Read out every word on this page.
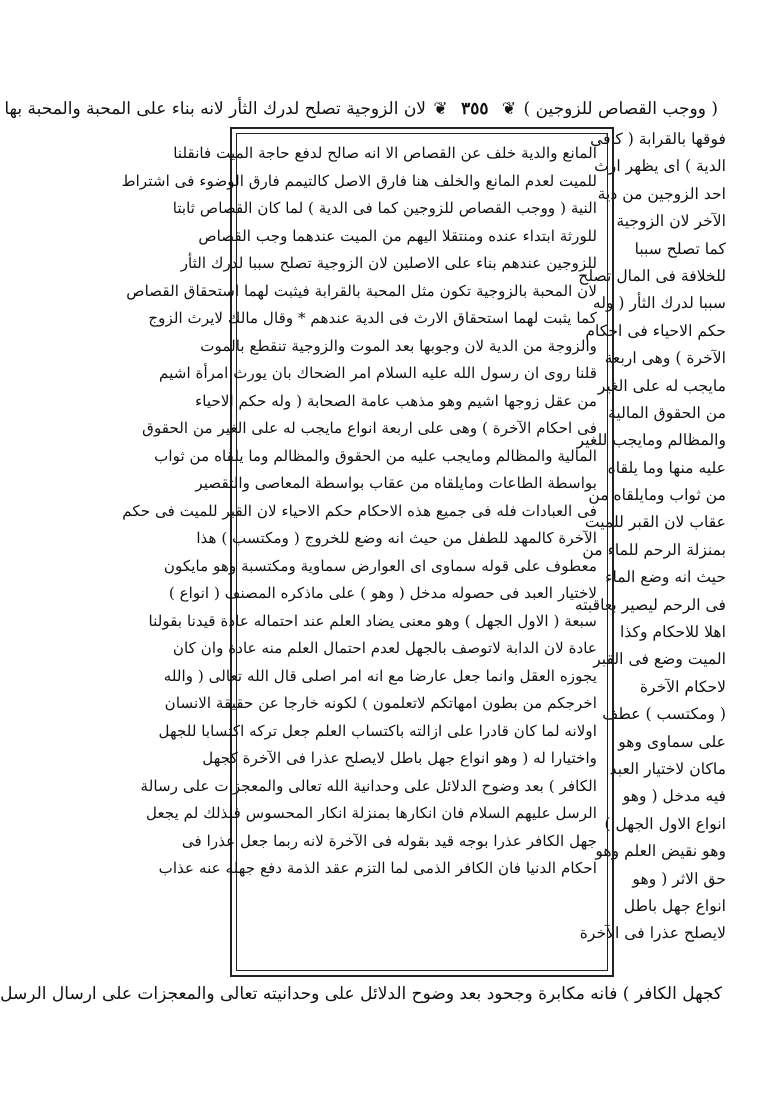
( ووجب القصاص للزوجين ) ❦ ٣٥٥ ❦ لان الزوجية تصلح لدرك الثأر لانه بناء على المحبة والمحبة بها
فوقها بالقرابة ( كافى
الدية ) اى يظهر ارث
احد الزوجين من دية
الآخر لان الزوجية
كما تصلح سببا
للخلافة فى المال تصلح
سببا لدرك الثأر ( وله
حكم الاحياء فى احكام
الآخرة ) وهى اربعة
مايجب له على الغير
من الحقوق المالية
والمظالم ومايجب للغير
عليه منها وما يلقاه
من ثواب ومايلقاه من
عقاب لان القبر للميت
بمنزلة الرحم للماء من
حيث انه وضع الماء
فى الرحم ليصير بعاقبته
اهلا للاحكام وكذا
الميت وضع فى القبر
لاحكام الآخرة
( ومكتسب ) عطف
على سماوى وهو
ماكان لاختيار العبد
فيه مدخل ( وهو
انواع الاول الجهل )
وهو نقيض العلم وهو
حق الاثر ( وهو
انواع جهل باطل
لايصلح عذرا فى الآخرة
المانع والدية خلف عن القصاص الا انه صالح لدفع حاجة الميت فانقلنا
للميت لعدم المانع والخلف هنا فارق الاصل كالتيمم فارق الوضوء فى اشتراط
النية ( ووجب القصاص للزوجين كما فى الدية ) لما كان القصاص ثابتا
للورثة ابتداء عنده ومنتقلا اليهم من الميت عندهما وجب القصاص
للزوجين عندهم بناء على الاصلين لان الزوجية تصلح سببا لدرك الثأر
لان المحبة بالزوجية تكون مثل المحبة بالقرابة فيثبت لهما استحقاق القصاص
كما يثبت لهما استحقاق الارث فى الدية عندهم * وقال مالك لايرث الزوج
والزوجة من الدية لان وجوبها بعد الموت والزوجية تنقطع بالموت
قلنا روى ان رسول الله عليه السلام امر الضحاك بان يورث امرأة اشيم
من عقل زوجها اشيم وهو مذهب عامة الصحابة ( وله حكم الاحياء
فى احكام الآخرة ) وهى على اربعة انواع مايجب له على الغير من الحقوق
المالية والمظالم ومايجب عليه من الحقوق والمظالم وما يلقاه من ثواب
بواسطة الطاعات ومايلقاه من عقاب بواسطة المعاصى والتقصير
فى العبادات فله فى جميع هذه الاحكام حكم الاحياء لان القبر للميت فى حكم
الآخرة كالمهد للطفل من حيث انه وضع للخروج ( ومكتسب ) هذا
معطوف على قوله سماوى اى العوارض سماوية ومكتسبة وهو مايكون
لاختيار العبد فى حصوله مدخل ( وهو ) على ماذكره المصنف ( انواع )
سبعة ( الاول الجهل ) وهو معنى يضاد العلم عند احتماله عادة قيدنا بقولنا
عادة لان الدابة لاتوصف بالجهل لعدم احتمال العلم منه عادة وان كان
يجوزه العقل وانما جعل عارضا مع انه امر اصلى قال الله تعالى ( والله
اخرجكم من بطون امهاتكم لاتعلمون ) لكونه خارجا عن حقيقة الانسان
اولانه لما كان قادرا على ازالته باكتساب العلم جعل تركه اكتسابا للجهل
واختيارا له ( وهو انواع جهل باطل لايصلح عذرا فى الآخرة كجهل
الكافر ) بعد وضوح الدلائل على وحدانية الله تعالى والمعجزات على رسالة
الرسل عليهم السلام فان انكارها بمنزلة انكار المحسوس فلذلك لم يجعل
جهل الكافر عذرا بوجه قيد بقوله فى الآخرة لانه ربما جعل عذرا فى
احكام الدنيا فان الكافر الذمى لما التزم عقد الذمة دفع جهله عنه عذاب
كجهل الكافر ) فانه مكابرة وجحود بعد وضوح الدلائل على وحدانيته تعالى والمعجزات على ارسال الرسل
